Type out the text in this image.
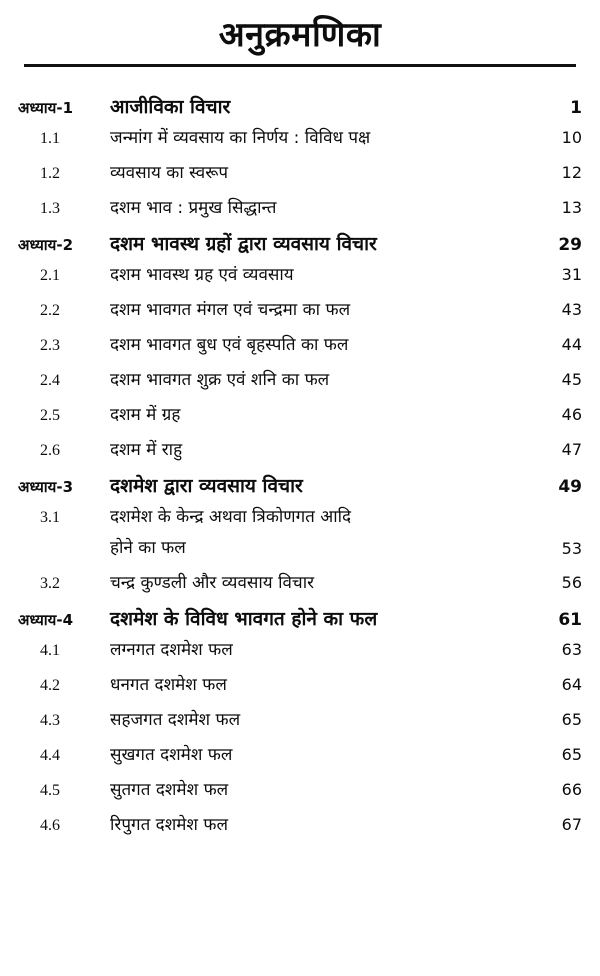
अनुक्रमणिका
अध्याय-1	आजीविका विचार	1
1.1	जन्मांग में व्यवसाय का निर्णय : विविध पक्ष	10
1.2	व्यवसाय का स्वरूप	12
1.3	दशम भाव : प्रमुख सिद्धान्त	13
अध्याय-2	दशम भावस्थ ग्रहों द्वारा व्यवसाय विचार	29
2.1	दशम भावस्थ ग्रह एवं व्यवसाय	31
2.2	दशम भावगत मंगल एवं चन्द्रमा का फल	43
2.3	दशम भावगत बुध एवं बृहस्पति का फल	44
2.4	दशम भावगत शुक्र एवं शनि का फल	45
2.5	दशम में ग्रह	46
2.6	दशम में राहु	47
अध्याय-3	दशमेश द्वारा व्यवसाय विचार	49
3.1	दशमेश के केन्द्र अथवा त्रिकोणगत आदि
होने का फल	53
3.2	चन्द्र कुण्डली और व्यवसाय विचार	56
अध्याय-4	दशमेश के विविध भावगत होने का फल	61
4.1	लग्नगत दशमेश फल	63
4.2	धनगत दशमेश फल	64
4.3	सहजगत दशमेश फल	65
4.4	सुखगत दशमेश फल	65
4.5	सुतगत दशमेश फल	66
4.6	रिपुगत दशमेश फल	67
